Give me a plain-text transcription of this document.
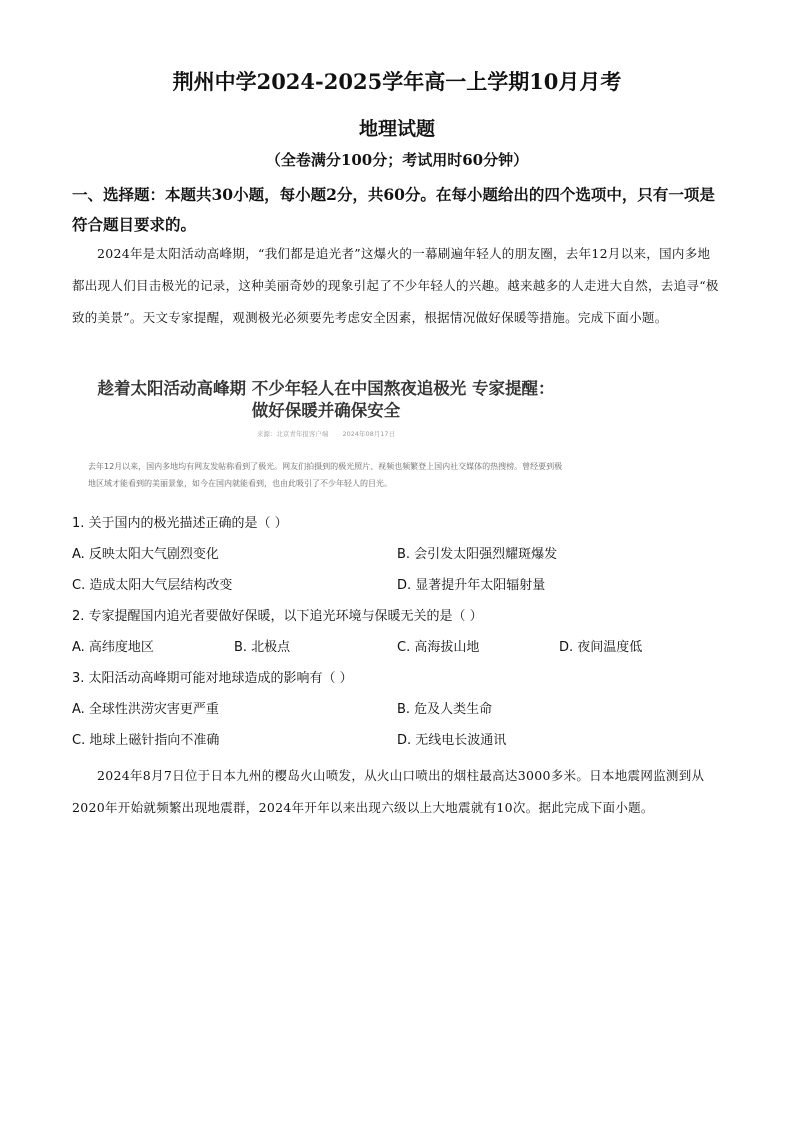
荆州中学2024-2025学年高一上学期10月月考
地理试题
（全卷满分100分；考试用时60分钟）
一、选择题：本题共30小题，每小题2分，共60分。在每小题给出的四个选项中，只有一项是符合题目要求的。
2024年是太阳活动高峰期，“我们都是追光者”这爆火的一幕刷遍年轻人的朋友圈，去年12月以来，国内多地都出现人们目击极光的记录，这种美丽奇妙的现象引起了不少年轻人的兴趣。越来越多的人走进大自然，去追寻“极致的美景”。天文专家提醒，观测极光必须要先考虑安全因素，根据情况做好保暖等措施。完成下面小题。
趁着太阳活动高峰期 不少年轻人在中国熬夜追极光 专家提醒：
做好保暖并确保安全
来源：北京青年报客户端 2024年08月17日
去年12月以来，国内多地均有网友发帖称看到了极光。网友们拍摄到的极光照片、视频也频繁登上国内社交媒体的热搜榜。曾经要到极地区域才能看到的美丽景象，如今在国内就能看到，也由此吸引了不少年轻人的目光。
1. 关于国内的极光描述正确的是（ ）
A. 反映太阳大气剧烈变化	B. 会引发太阳强烈耀斑爆发
C. 造成太阳大气层结构改变	D. 显著提升年太阳辐射量
2. 专家提醒国内追光者要做好保暖，以下追光环境与保暖无关的是（ ）
A. 高纬度地区	B. 北极点	C. 高海拔山地	D. 夜间温度低
3. 太阳活动高峰期可能对地球造成的影响有（ ）
A. 全球性洪涝灾害更严重	B. 危及人类生命
C. 地球上磁针指向不准确	D. 无线电长波通讯
2024年8月7日位于日本九州的樱岛火山喷发，从火山口喷出的烟柱最高达3000多米。日本地震网监测到从2020年开始就频繁出现地震群，2024年开年以来出现六级以上大地震就有10次。据此完成下面小题。
